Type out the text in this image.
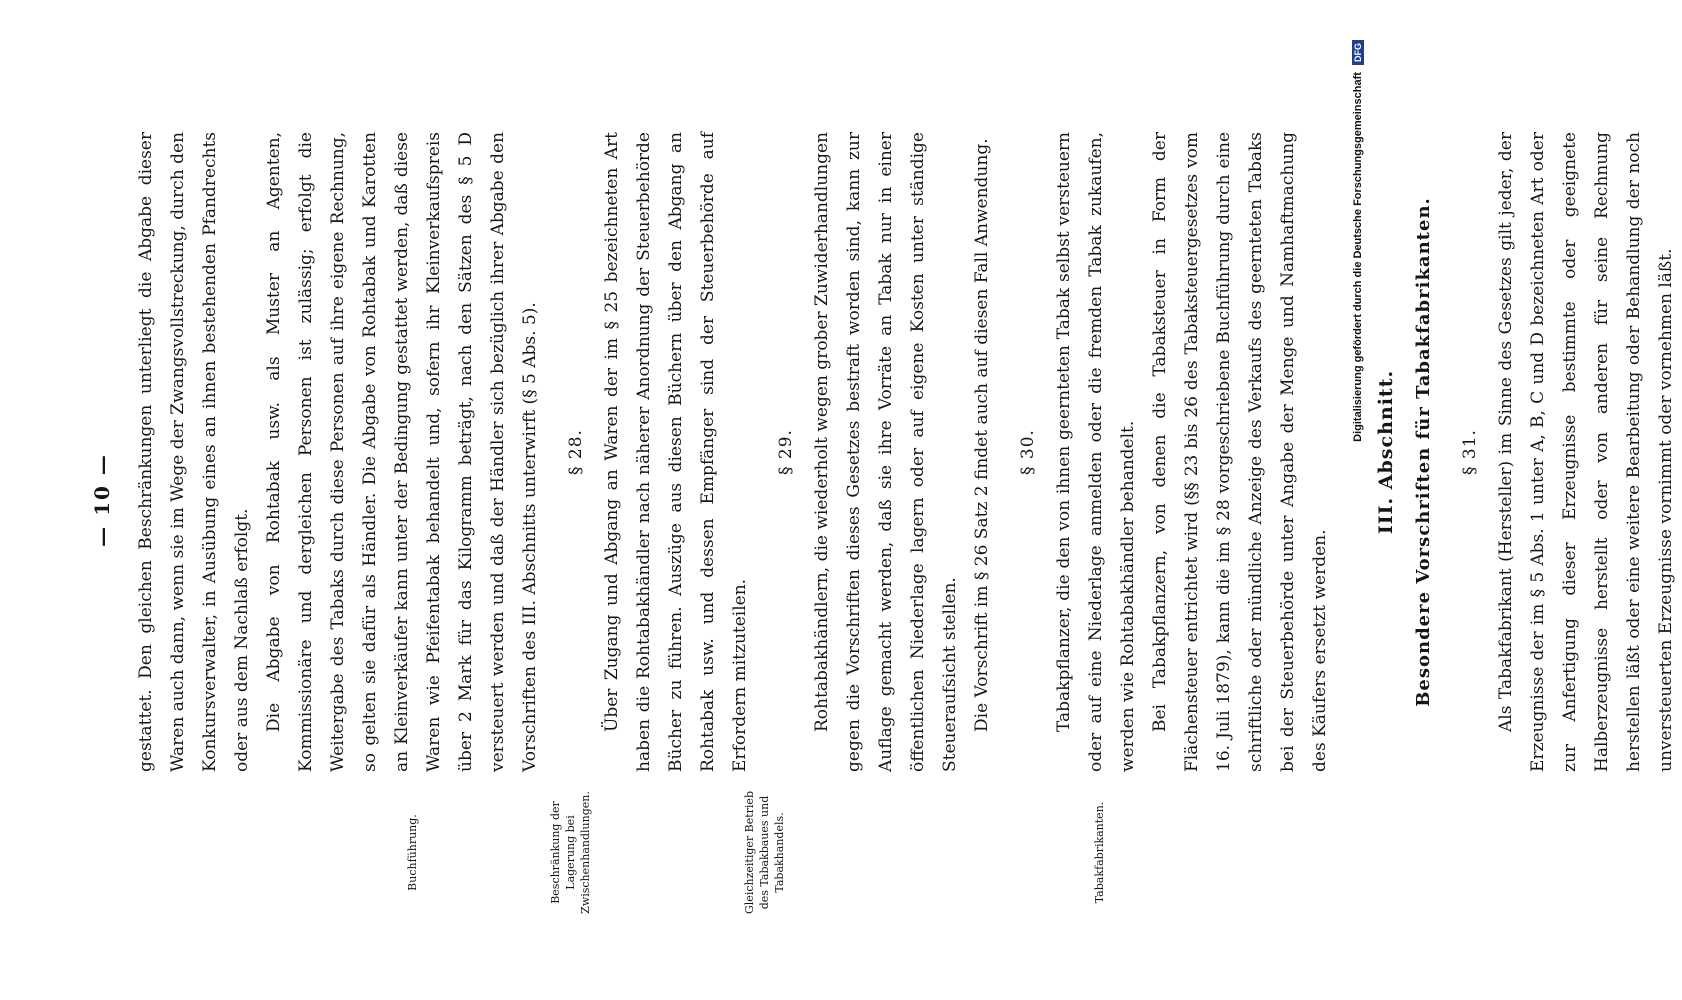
— 10 —
Buchführung.	Beschränkung der Lagerung bei Zwischenhandlungen.	Gleichzeitiger Betrieb des Tabakbaues und Tabakhandels.	Tabakfabrikanten.

gestattet. Den gleichen Beschränkungen unterliegt die Abgabe dieser Waren auch dann, wenn sie im Wege der Zwangsvollstreckung, durch den Konkursverwalter, in Ausübung eines an ihnen bestehenden Pfandrechts oder aus dem Nachlaß erfolgt. Die Abgabe von Rohtabak usw. als Muster an Agenten, Kommissionäre und dergleichen Personen ist zulässig; erfolgt die Weitergabe des Tabaks durch diese Personen auf ihre eigene Rechnung, so gelten sie dafür als Händler. Die Abgabe von Rohtabak und Karotten an Kleinverkäufer kann unter der Bedingung gestattet werden, daß diese Waren wie Pfeifentabak behandelt und, sofern ihr Kleinverkaufspreis über 2 Mark für das Kilogramm beträgt, nach den Sätzen des § 5 D versteuert werden und daß der Händler sich bezüglich ihrer Abgabe den Vorschriften des III. Abschnitts unterwirft (§ 5 Abs. 5).	§ 28. Über Zugang und Abgang an Waren der im § 25 bezeichneten Art haben die Rohtabakhändler nach näherer Anordnung der Steuerbehörde Bücher zu führen. Auszüge aus diesen Büchern über den Abgang an Rohtabak usw. und dessen Empfänger sind der Steuerbehörde auf Erfordern mitzuteilen.

§ 29. Rohtabakhändlern, die wiederholt wegen grober Zuwiderhandlungen gegen die Vorschriften dieses Gesetzes bestraft worden sind, kann zur Auflage gemacht werden, daß sie ihre Vorräte an Tabak nur in einer öffentlichen Niederlage lagern oder auf eigene Kosten unter ständige Steueraufsicht stellen. Die Vorschrift im § 26 Satz 2 findet auch auf diesen Fall Anwendung.	§ 30. Tabakpflanzer, die den von ihnen geernteten Tabak selbst versteuern oder auf eine Niederlage anmelden oder die fremden Tabak zukaufen, werden wie Rohtabakhändler behandelt. Bei Tabakpflanzern, von denen die Tabaksteuer in Form der Flächensteuer entrichtet wird (§§ 23 bis 26 des Tabaksteuergesetzes vom 16. Juli 1879), kann die im § 28 vorgeschriebene Buchführung durch eine schriftliche oder mündliche Anzeige des Verkaufs des geernteten Tabaks bei der Steuerbehörde unter Angabe der Menge und Namhaftmachung des Käufers ersetzt werden.

III. Abschnitt. Besondere Vorschriften für Tabakfabrikanten.	§ 31. Als Tabakfabrikant (Hersteller) im Sinne des Gesetzes gilt jeder, der Erzeugnisse der im § 5 Abs. 1 unter A, B, C und D bezeichneten Art oder zur Anfertigung dieser Erzeugnisse bestimmte oder geeignete Halberzeugnisse herstellt oder von anderen für seine Rechnung herstellen läßt oder eine weitere Bearbeitung oder Behandlung der noch unversteuerten Erzeugnisse vornimmt oder vornehmen läßt.

Digitalisierung gefördert durch die Deutsche Forschungsgemeinschaft DFG
